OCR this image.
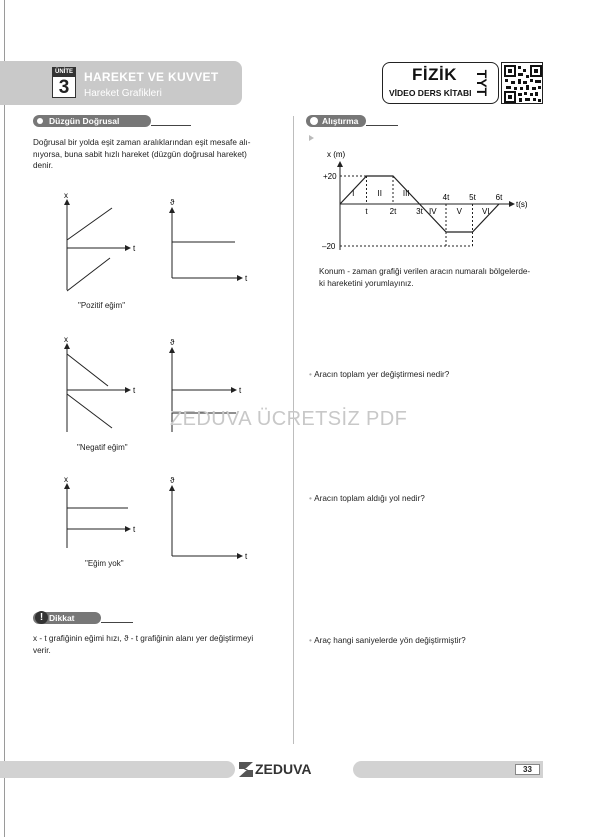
ÜNİTE
3	HAREKET VE KUVVET
Hareket Grafikleri
FİZİK
VİDEO DERS KİTABI TYT
Düzgün Doğrusal Hareket
Doğrusal bir yolda eşit zaman aralıklarından eşit mesafe alı-
nıyorsa, buna sabit hızlı hareket (düzgün doğrusal hareket)
denir.
x
t
ϑ
t
x
t
ϑ
t
x
t
ϑ
t
"Pozitif eğim"
"Negatif eğim"
"Eğim yok"
! Dikkat
x - t grafiğinin eğimi hızı, ϑ - t grafiğinin alanı yer değiştirmeyi
verir.
Alıştırma
x (m)
t(s)
+20
–20
t	2t 3t
4t 5t 6t
I	II	III
IV	V	VI
Konum - zaman grafiği verilen aracın numaralı bölgelerde-
ki hareketini yorumlayınız.
• Aracın toplam yer değiştirmesi nedir?
• Aracın toplam aldığı yol nedir?
• Araç hangi saniyelerde yön değiştirmiştir?
ZEDUVA ÜCRETSİZ PDF
ZEDUVA	33
